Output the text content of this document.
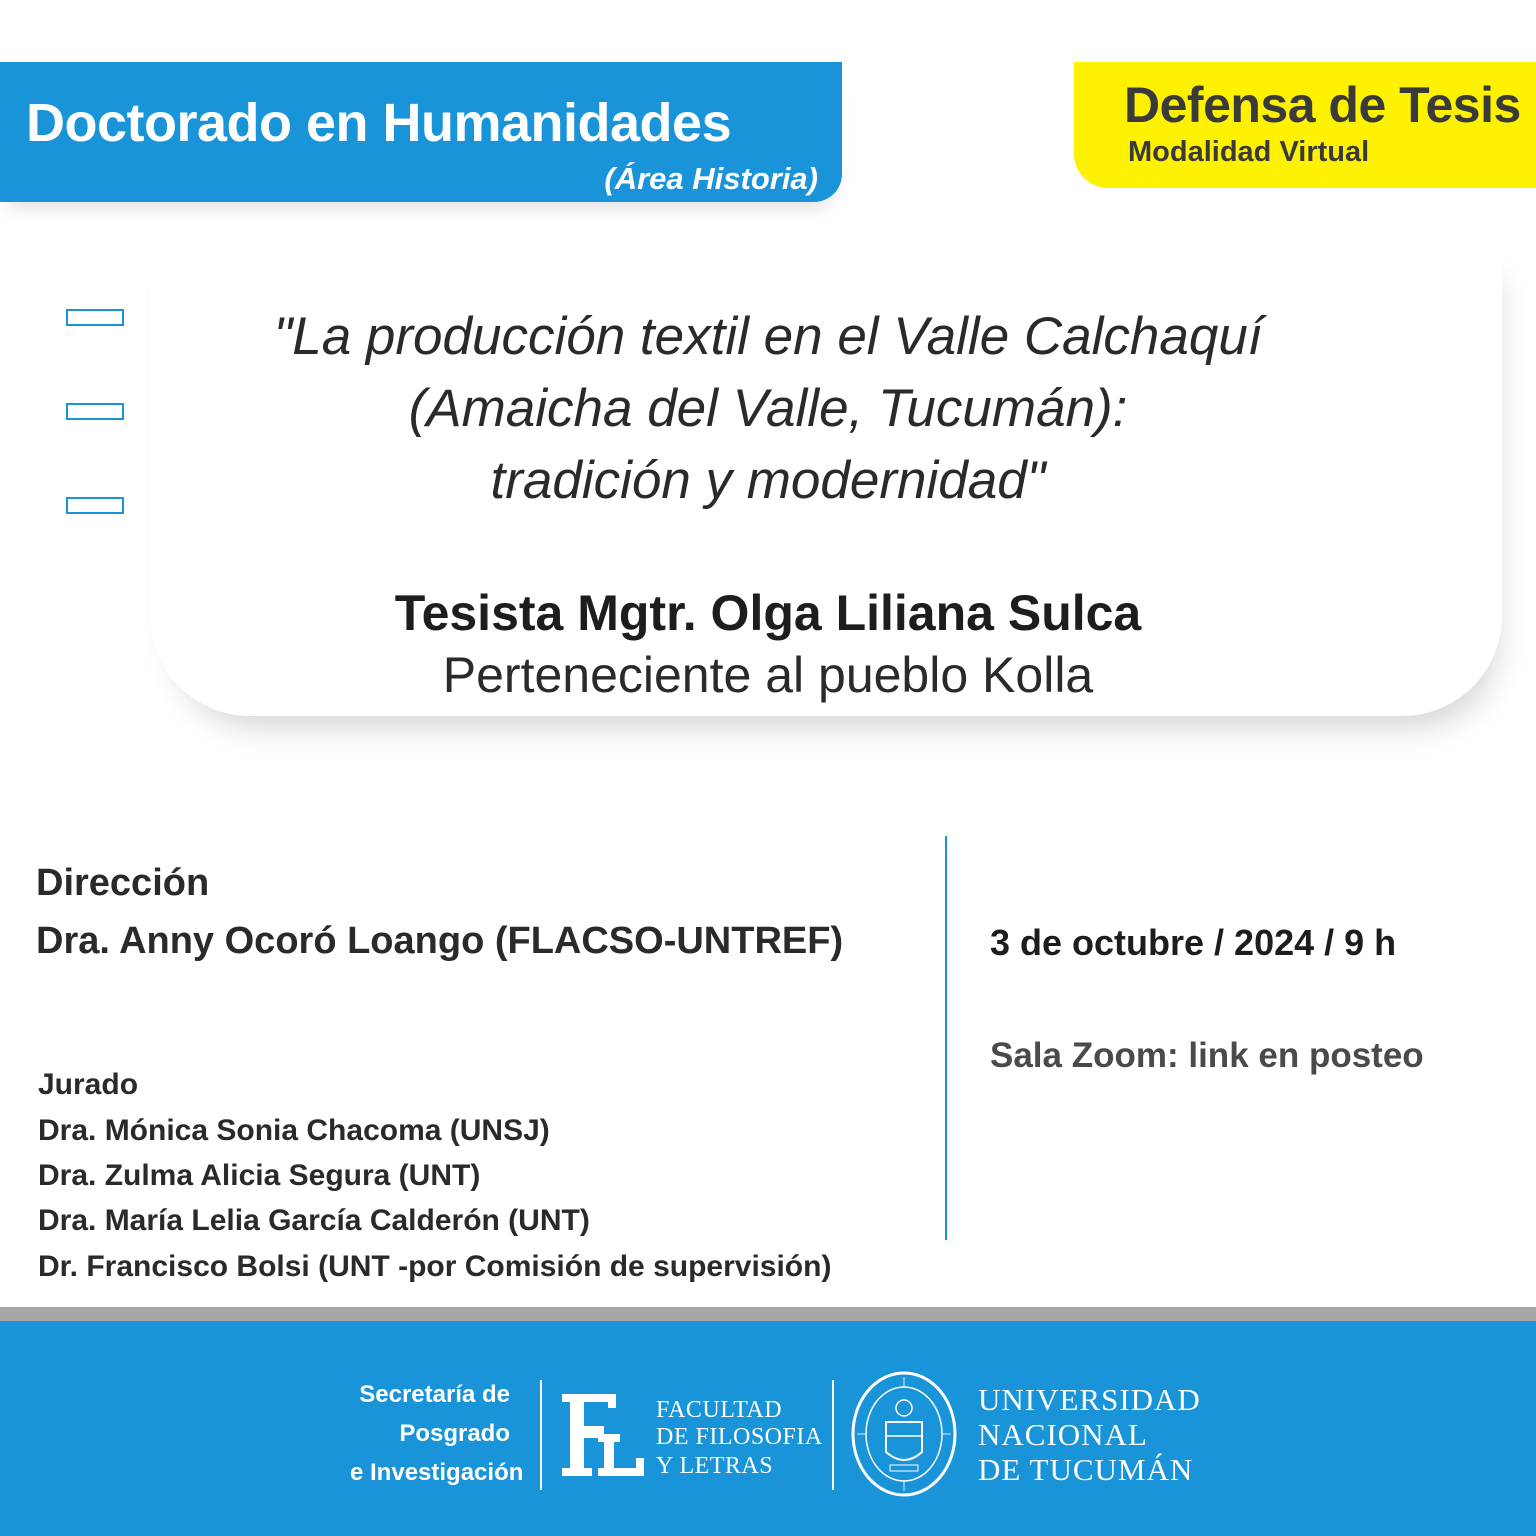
Doctorado en Humanidades
(Área Historia)
Defensa de Tesis
Modalidad Virtual
"La producción textil en el Valle Calchaquí
(Amaicha del Valle, Tucumán):
tradición y modernidad"
Tesista Mgtr. Olga Liliana Sulca
Perteneciente al pueblo Kolla
Dirección
Dra. Anny Ocoró Loango (FLACSO-UNTREF)
Jurado
Dra. Mónica Sonia Chacoma (UNSJ)
Dra. Zulma Alicia Segura (UNT)
Dra. María Lelia García Calderón (UNT)
Dr. Francisco Bolsi (UNT -por Comisión de supervisión)
3 de octubre / 2024 / 9 h
Sala Zoom: link en posteo
Secretaría de
Posgrado
e Investigación
FACULTAD
DE FILOSOFIA
Y LETRAS
UNIVERSIDAD
NACIONAL
DE TUCUMÁN
